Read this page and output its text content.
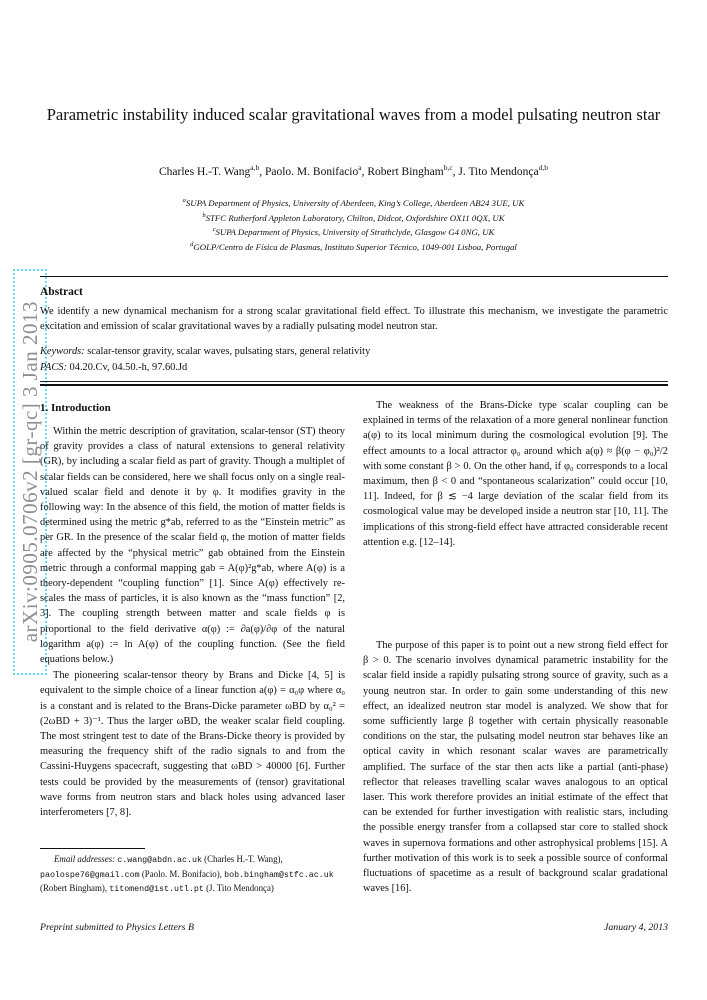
arXiv:0905.0706v2 [gr-qc] 3 Jan 2013
Parametric instability induced scalar gravitational waves from a model pulsating neutron star
Charles H.-T. Wang$^{a,b}$, Paolo. M. Bonifacio$^a$, Robert Bingham$^{b,c}$, J. Tito Mendonça$^{d,b}$
$^a$SUPA Department of Physics, University of Aberdeen, King’s College, Aberdeen AB24 3UE, UK
$^b$STFC Rutherford Appleton Laboratory, Chilton, Didcot, Oxfordshire OX11 0QX, UK
$^c$SUPA Department of Physics, University of Strathclyde, Glasgow G4 0NG, UK
$^d$GOLP/Centro de Física de Plasmas, Instituto Superior Técnico, 1049-001 Lisboa, Portugal
Abstract
We identify a new dynamical mechanism for a strong scalar gravitational field effect. To illustrate this mechanism, we investigate the parametric excitation and emission of scalar gravitational waves by a radially pulsating model neutron star.
Keywords: scalar-tensor gravity, scalar waves, pulsating stars, general relativity
PACS: 04.20.Cv, 04.50.-h, 97.60.Jd
1. Introduction

Within the metric description of gravitation, scalar-tensor (ST) theory of gravity provides a class of natural extensions to general relativity (GR), by including a scalar field as part of gravity. Though a multiplet of scalar fields can be considered, here we shall focus only on a single real-valued scalar field and denote it by φ. It modifies gravity in the following way: In the absence of this field, the motion of matter fields is determined using the metric g*ab, referred to as the “Einstein metric” as per GR. In the presence of the scalar field φ, the motion of matter fields are affected by the “physical metric” gab obtained from the Einstein metric through a conformal mapping gab = A(φ)²g*ab, where A(φ) is a theory-dependent “coupling function” [1]. Since A(φ) effectively re-scales the mass of particles, it is also known as the “mass function” [2, 3]. The coupling strength between matter and scale fields φ is proportional to the field derivative α(φ) := ∂a(φ)/∂φ of the natural logarithm a(φ) := ln A(φ) of the coupling function. (See the field equations below.)

The pioneering scalar-tensor theory by Brans and Dicke [4, 5] is equivalent to the simple choice of a linear function a(φ) = α₀φ where α₀ is a constant and is related to the Brans-Dicke parameter ωBD by α₀² = (2ωBD + 3)⁻¹. Thus the larger ωBD, the weaker scalar field coupling. The most stringent test to date of the Brans-Dicke theory is provided by measuring the frequency shift of the radio signals to and from the Cassini-Huygens spacecraft, suggesting that ωBD > 40000 [6]. Further tests could be provided by the measurements of (tensor) gravitational wave forms from neutron stars and black holes using advanced laser interferometers [7, 8].

The weakness of the Brans-Dicke type scalar coupling can be explained in terms of the relaxation of a more general nonlinear function a(φ) to its local minimum during the cosmological evolution [9]. The effect amounts to a local attractor φ₀ around which a(φ) ≈ β(φ − φ₀)²/2 with some constant β > 0. On the other hand, if φ₀ corresponds to a local maximum, then β < 0 and “spontaneous scalarization” could occur [10, 11]. Indeed, for β ≲ −4 large deviation of the scalar field from its cosmological value may be developed inside a neutron star [10, 11]. The implications of this strong-field effect have attracted considerable recent attention e.g. [12–14].

The purpose of this paper is to point out a new strong field effect for β > 0. The scenario involves dynamical parametric instability for the scalar field inside a rapidly pulsating strong source of gravity, such as a young neutron star. In order to gain some understanding of this new effect, an idealized neutron star model is analyzed. We show that for some sufficiently large β together with certain physically reasonable conditions on the star, the pulsating model neutron star behaves like an optical cavity in which resonant scalar waves are parametrically amplified. The surface of the star then acts like a partial (anti-phase) reflector that releases travelling scalar waves analogous to an optical laser. This work therefore provides an initial estimate of the effect that can be extended for further investigation with realistic stars, including the possible energy transfer from a collapsed star core to stalled shock waves in supernova formations and other astrophysical problems [15]. A further motivation of this work is to seek a possible source of conformal fluctuations of spacetime as a result of background scalar gradational waves [16].

Email addresses: c.wang@abdn.ac.uk (Charles H.-T. Wang), paolospe76@gmail.com (Paolo. M. Bonifacio), bob.bingham@stfc.ac.uk (Robert Bingham), titomend@ist.utl.pt (J. Tito Mendonça)
Preprint submitted to Physics Letters B	January 4, 2013
